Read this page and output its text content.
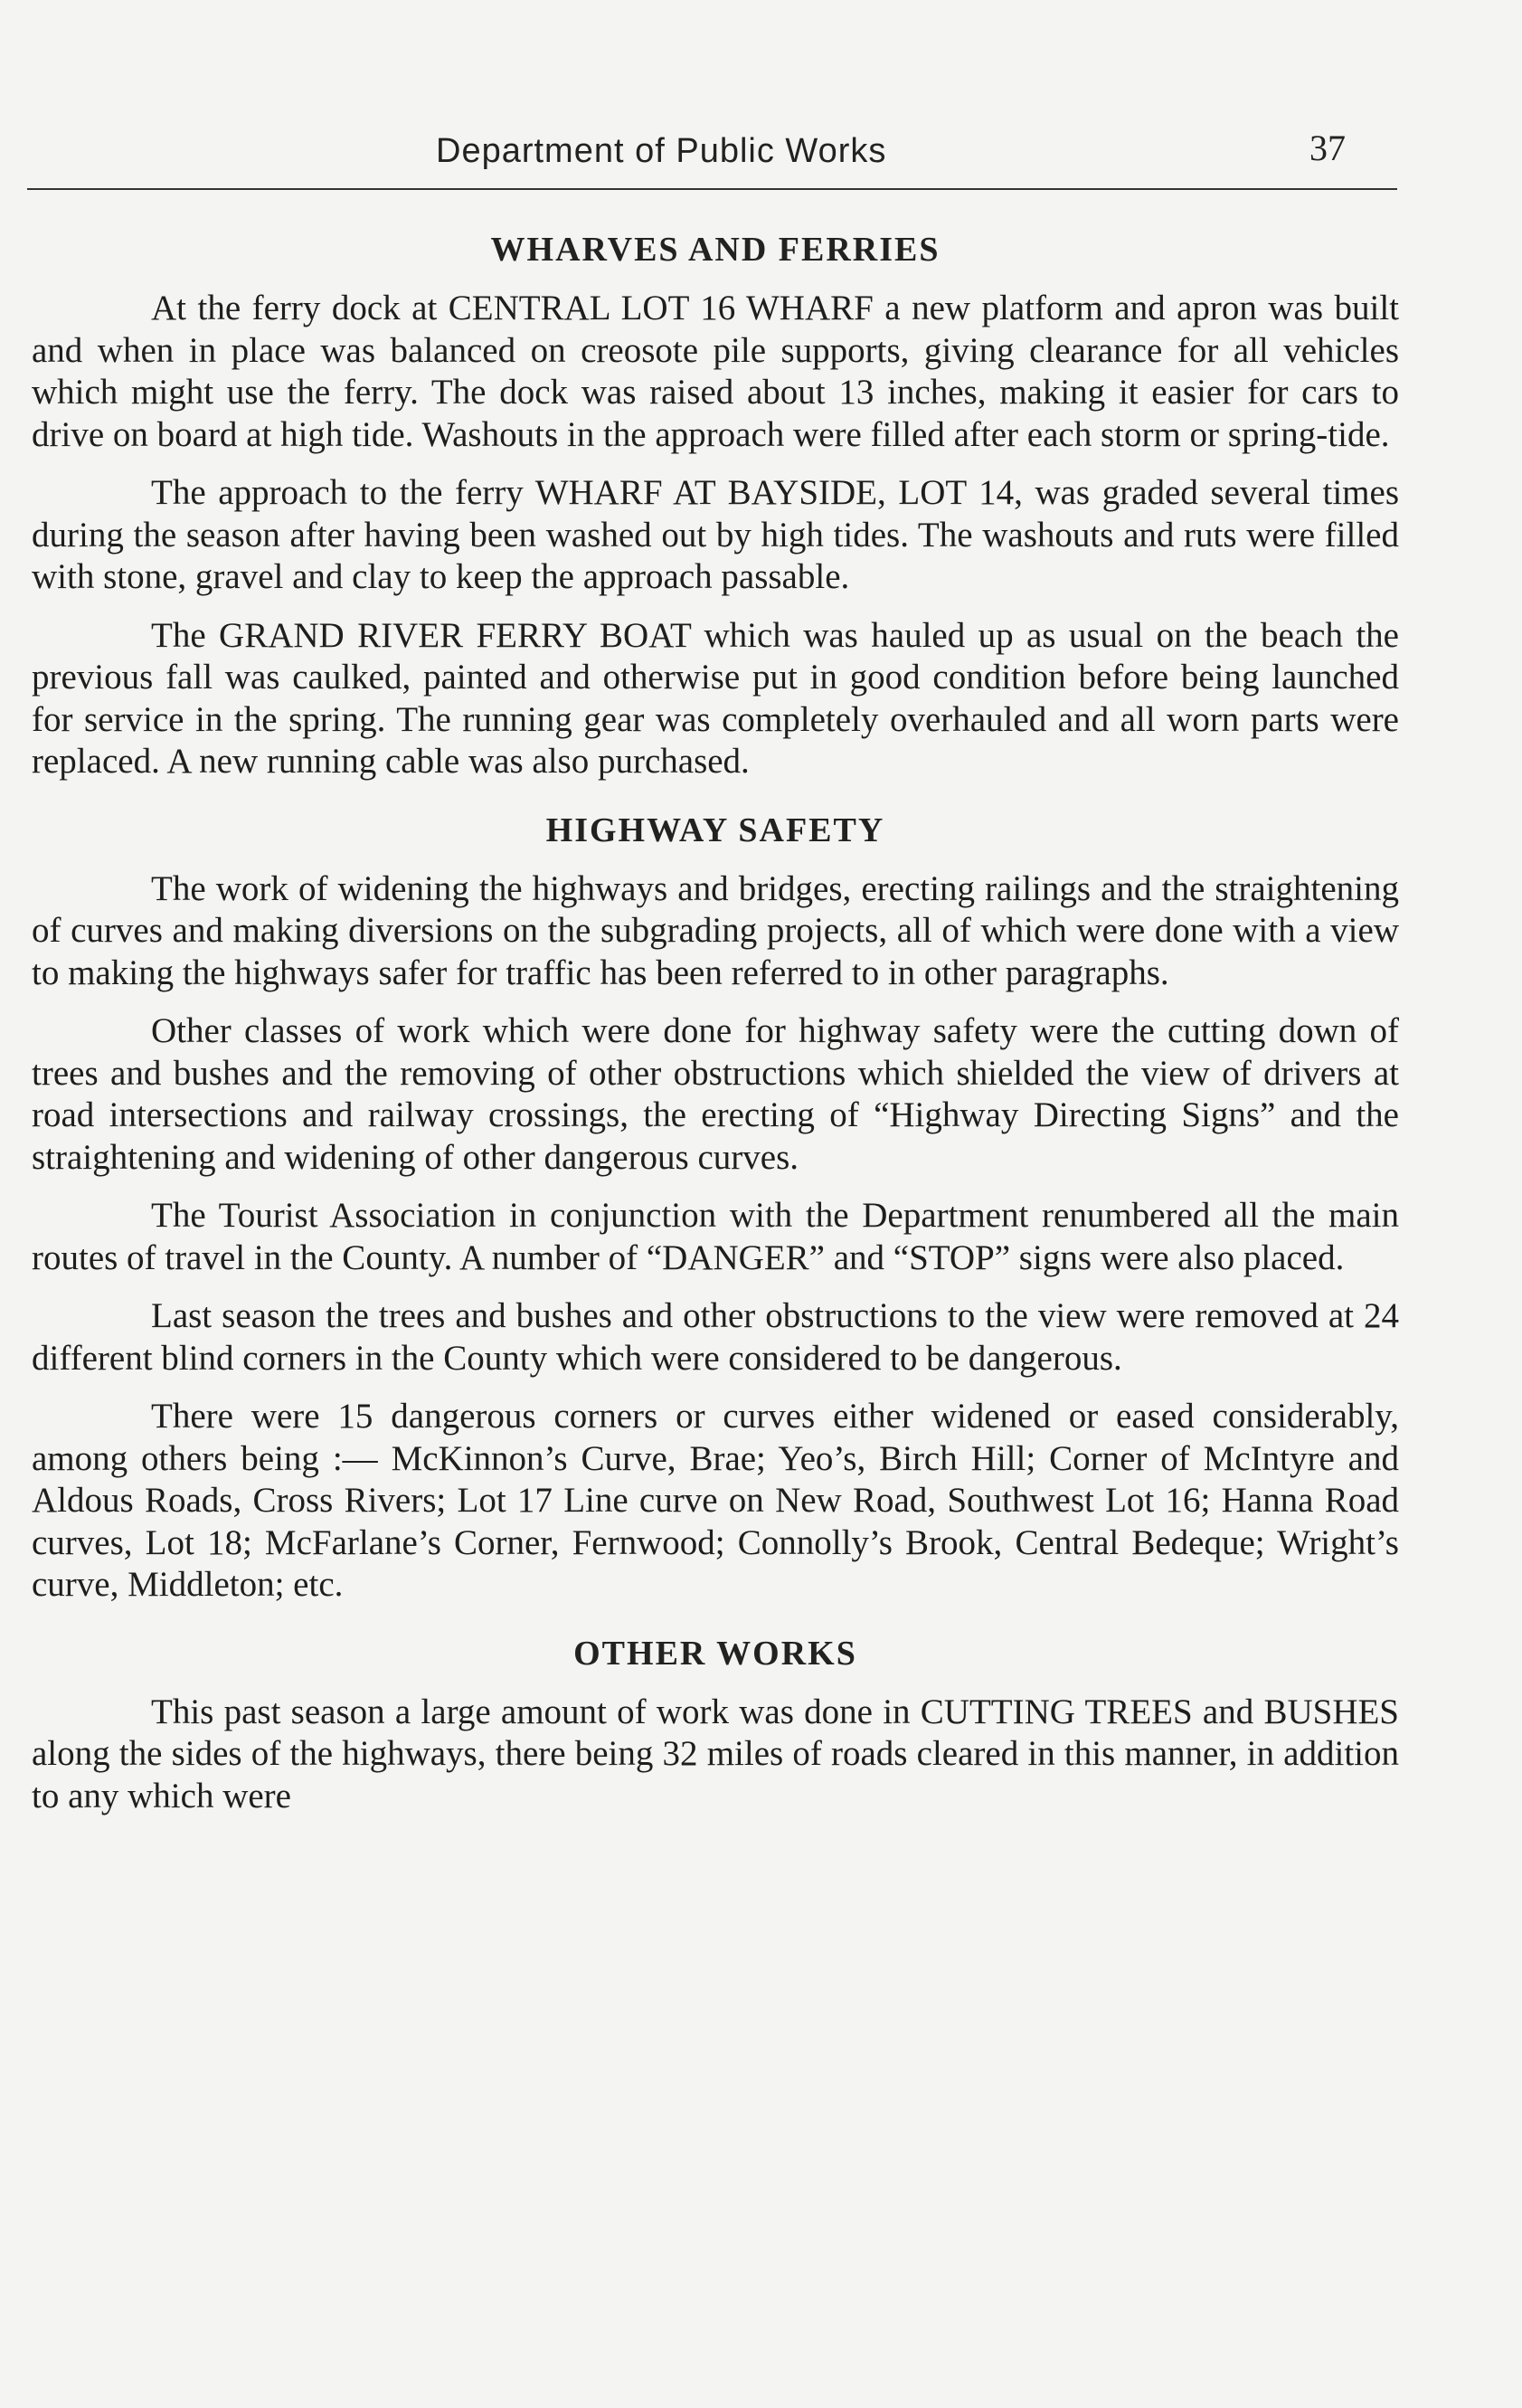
Department of Public Works	37
WHARVES AND FERRIES

At the ferry dock at CENTRAL LOT 16 WHARF a new platform and apron was built and when in place was balanced on creosote pile supports, giving clearance for all vehicles which might use the ferry. The dock was raised about 13 inches, making it easier for cars to drive on board at high tide. Washouts in the approach were filled after each storm or spring-tide.

The approach to the ferry WHARF AT BAYSIDE, LOT 14, was graded several times during the season after having been washed out by high tides. The washouts and ruts were filled with stone, gravel and clay to keep the approach passable.

The GRAND RIVER FERRY BOAT which was hauled up as usual on the beach the previous fall was caulked, painted and otherwise put in good condition before being launched for service in the spring. The running gear was completely overhauled and all worn parts were replaced. A new running cable was also purchased.

HIGHWAY SAFETY

The work of widening the highways and bridges, erecting railings and the straightening of curves and making diversions on the subgrading projects, all of which were done with a view to making the highways safer for traffic has been referred to in other paragraphs.

Other classes of work which were done for highway safety were the cutting down of trees and bushes and the removing of other obstructions which shielded the view of drivers at road intersections and railway crossings, the erecting of “Highway Directing Signs” and the straightening and widening of other dangerous curves.

The Tourist Association in conjunction with the Department renumbered all the main routes of travel in the County. A number of “DANGER” and “STOP” signs were also placed.

Last season the trees and bushes and other obstructions to the view were removed at 24 different blind corners in the County which were considered to be dangerous.

There were 15 dangerous corners or curves either widened or eased considerably, among others being :— McKinnon’s Curve, Brae; Yeo’s, Birch Hill; Corner of McIntyre and Aldous Roads, Cross Rivers; Lot 17 Line curve on New Road, Southwest Lot 16; Hanna Road curves, Lot 18; McFarlane’s Corner, Fernwood; Connolly’s Brook, Central Bedeque; Wright’s curve, Middleton; etc.

OTHER WORKS

This past season a large amount of work was done in CUTTING TREES and BUSHES along the sides of the highways, there being 32 miles of roads cleared in this manner, in addition to any which were
